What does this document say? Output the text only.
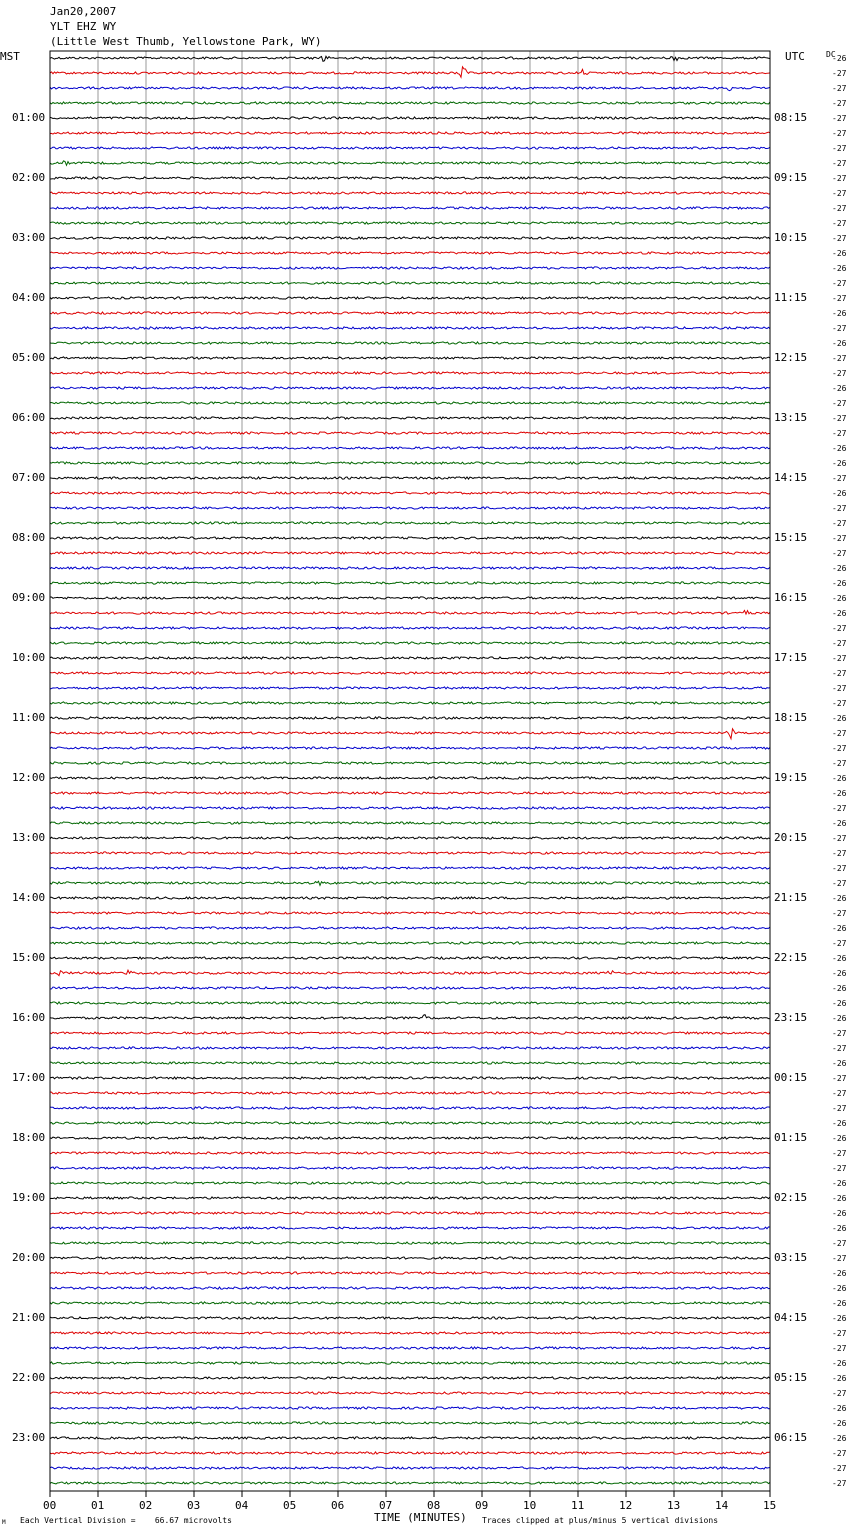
Jan20,2007
YLT EHZ WY
(Little West Thumb, Yellowstone Park, WY)
MST	UTC	DC
00	01	02	03	04	05	06	07	08	09	10	11	12	13	14	15
-26
-27
-27
-27
-27
-27
-27
-27
-27
-27
-27
-27
-27
-26
-26
-27
-27
-26
-27
-26
-27
-27
-26
-27
-27
-27
-26
-26
-27
-26
-27
-27
-27
-27
-26
-26
-26
-26
-27
-27
-27
-27
-27
-27
-26
-27
-27
-27
-26
-26
-27
-26
-27
-27
-27
-27
-26
-27
-26
-27
-26
-26
-26
-26
-26
-27
-27
-26
-27
-27
-27
-26
-26
-27
-27
-26
-26
-26
-26
-27
-27
-26
-26
-26
-26
-27
-27
-26
-26
-27
-26
-26
-26
-27
-27
-27
01:00	08:15
02:00	09:15
03:00	10:15
04:00	11:15
05:00	12:15
06:00	13:15
07:00	14:15
08:00	15:15
09:00	16:15
10:00	17:15
11:00	18:15
12:00	19:15
13:00	20:15
14:00	21:15
15:00	22:15
16:00	23:15
17:00	00:15
18:00	01:15
19:00	02:15
20:00	03:15
21:00	04:15
22:00	05:15
23:00	06:15
TIME (MINUTES)
Each Vertical Division =    66.67 microvolts	Traces clipped at plus/minus 5 vertical divisions
M
